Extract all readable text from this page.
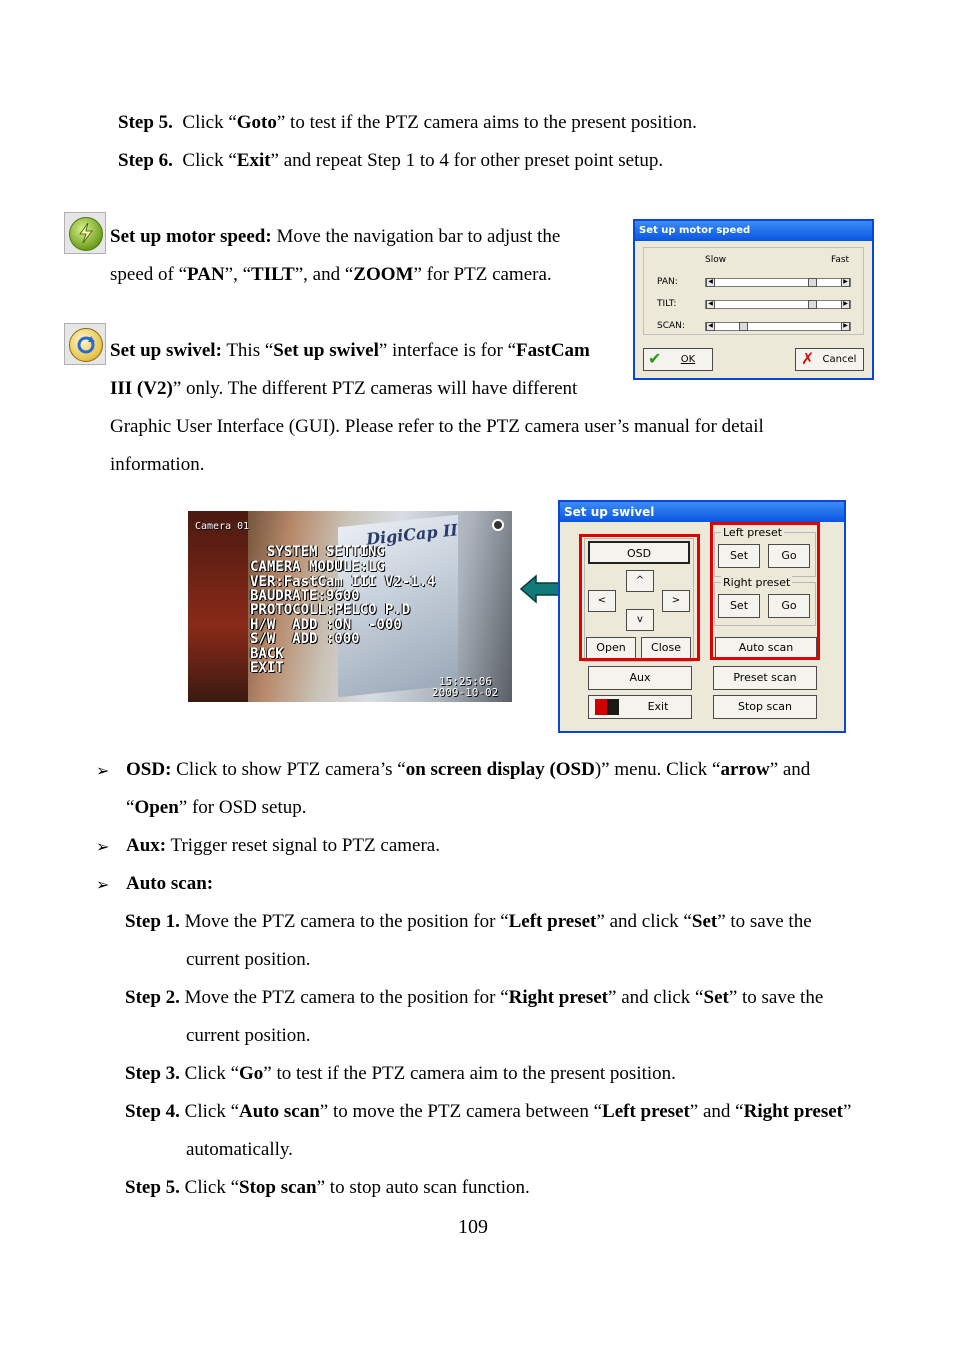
Step 5. Click “Goto” to test if the PTZ camera aims to the present position.
Step 6. Click “Exit” and repeat Step 1 to 4 for other preset point setup.
Set up motor speed: Move the navigation bar to adjust the
speed of “PAN”, “TILT”, and “ZOOM” for PTZ camera.
Set up motor speed
Slow	Fast
PAN:	◀	▶
TILT:	◀	▶
SCAN:	◀	▶
✔ OK	✗ Cancel
Set up swivel: This “Set up swivel” interface is for “FastCam
III (V2)” only. The different PTZ cameras will have different
Graphic User Interface (GUI). Please refer to the PTZ camera user’s manual for detail
information.
Camera 01	DigiCap II
SYSTEM SETTING
CAMERA MODULE:LG
VER:FastCam III V2-1.4
BAUDRATE:9600
PROTOCOLL:PELCO P.D
H/W  ADD :ON  -000
S/W  ADD :000
BACK
EXIT
15:25:06
2009-10-02
Set up swivel
OSD
^
<	>
v
Open	Close
Left preset
Set	Go
Right preset
Set	Go
Auto scan
Aux	Preset scan
Exit	Stop scan
➢ OSD: Click to show PTZ camera’s “on screen display (OSD)” menu. Click “arrow” and
“Open” for OSD setup.
➢ Aux: Trigger reset signal to PTZ camera.
➢ Auto scan:
Step 1. Move the PTZ camera to the position for “Left preset” and click “Set” to save the
current position.
Step 2. Move the PTZ camera to the position for “Right preset” and click “Set” to save the
current position.
Step 3. Click “Go” to test if the PTZ camera aim to the present position.
Step 4. Click “Auto scan” to move the PTZ camera between “Left preset” and “Right preset”
automatically.
Step 5. Click “Stop scan” to stop auto scan function.
109
